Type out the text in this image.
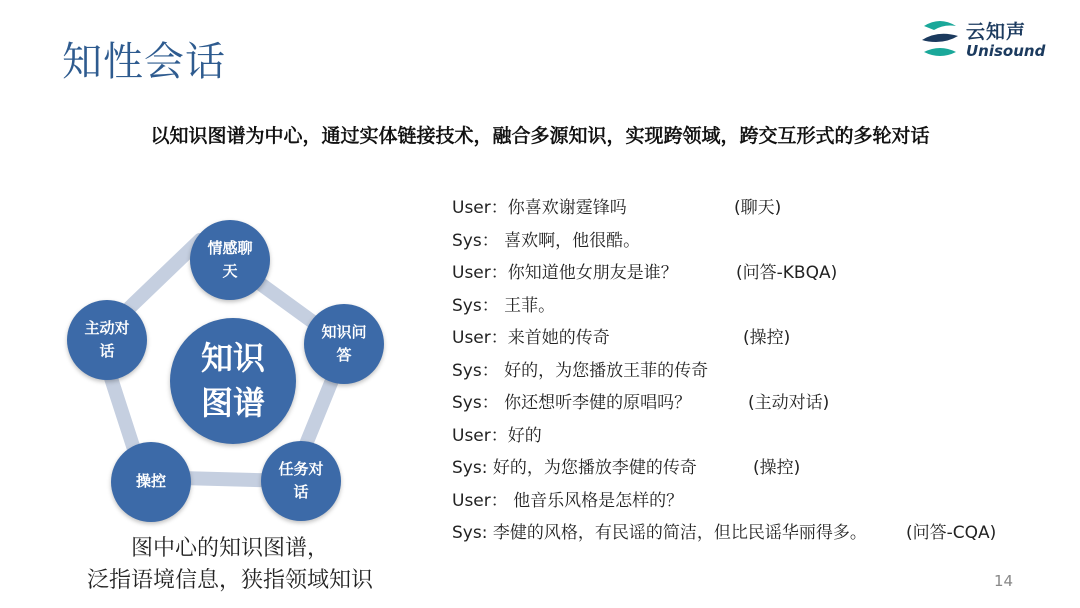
知性会话
云知声
Unisound
以知识图谱为中心，通过实体链接技术，融合多源知识，实现跨领域，跨交互形式的多轮对话
知识图谱
情感聊天
知识问答
任务对话
操控
主动对话
图中心的知识图谱，
泛指语境信息，狭指领域知识
User：你喜欢谢霆锋吗	(聊天)
Sys： 喜欢啊，他很酷。
User：你知道他女朋友是谁？	(问答-KBQA)
Sys： 王菲。
User：来首她的传奇	(操控)
Sys： 好的，为您播放王菲的传奇
Sys： 你还想听李健的原唱吗？	(主动对话)
User：好的
Sys: 好的，为您播放李健的传奇	(操控)
User： 他音乐风格是怎样的？
Sys: 李健的风格，有民谣的简洁，但比民谣华丽得多。 (问答-CQA)
14
